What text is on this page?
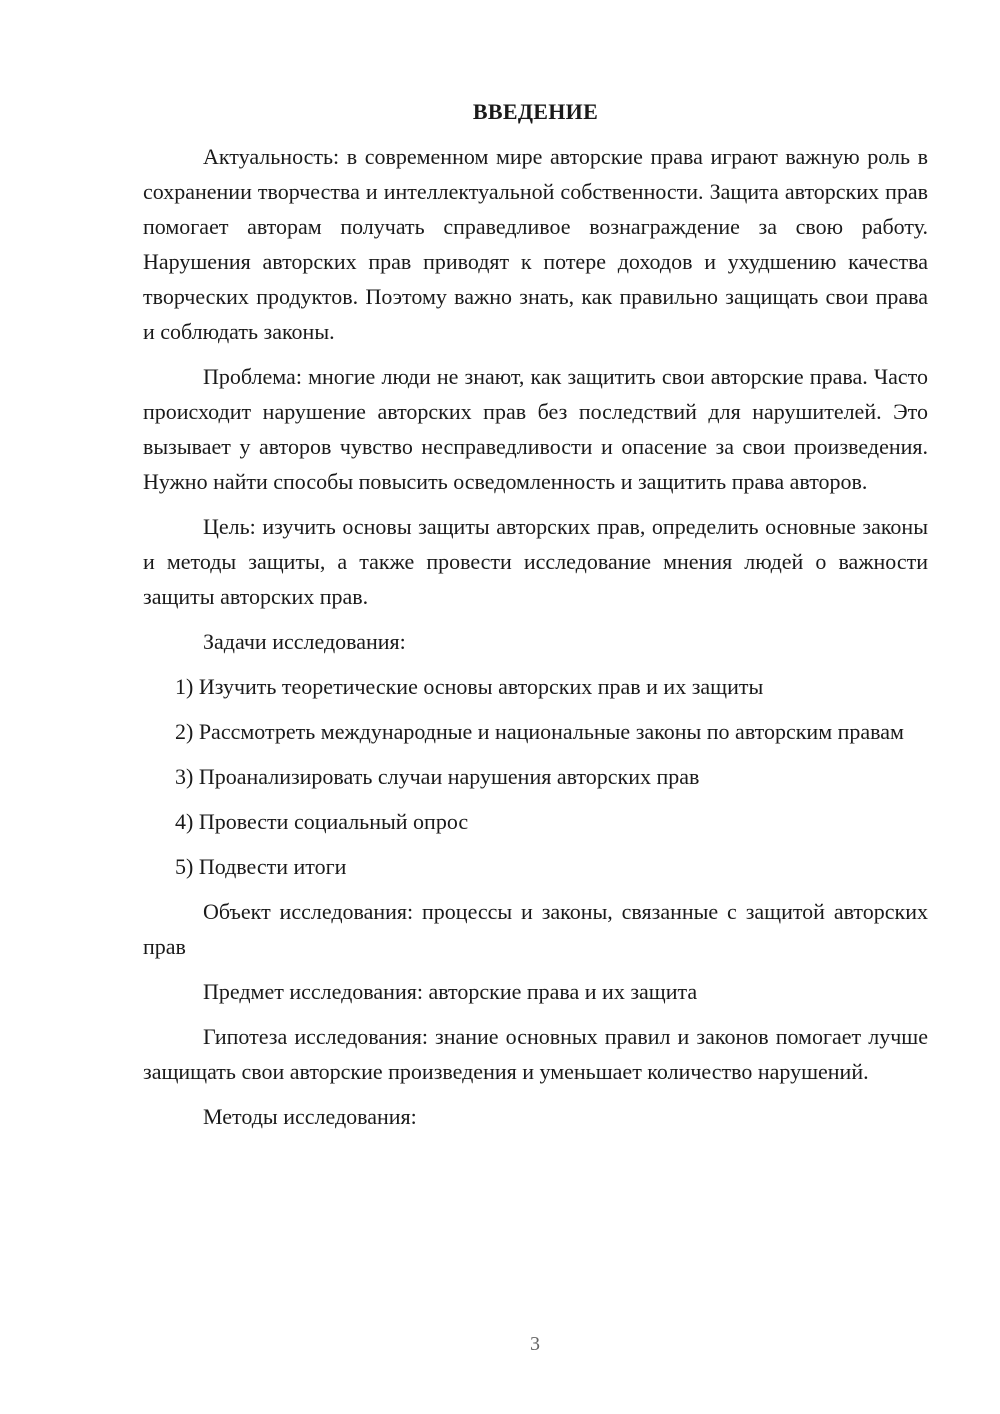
ВВЕДЕНИЕ

Актуальность: в современном мире авторские права играют важную роль в сохранении творчества и интеллектуальной собственности. Защита авторских прав помогает авторам получать справедливое вознаграждение за свою работу. Нарушения авторских прав приводят к потере доходов и ухудшению качества творческих продуктов. Поэтому важно знать, как правильно защищать свои права и соблюдать законы.

Проблема: многие люди не знают, как защитить свои авторские права. Часто происходит нарушение авторских прав без последствий для нарушителей. Это вызывает у авторов чувство несправедливости и опасение за свои произведения. Нужно найти способы повысить осведомленность и защитить права авторов.

Цель: изучить основы защиты авторских прав, определить основные законы и методы защиты, а также провести исследование мнения людей о важности защиты авторских прав.

Задачи исследования:

1) Изучить теоретические основы авторских прав и их защиты

2) Рассмотреть международные и национальные законы по авторским правам

3) Проанализировать случаи нарушения авторских прав

4) Провести социальный опрос

5) Подвести итоги

Объект исследования: процессы и законы, связанные с защитой авторских прав

Предмет исследования: авторские права и их защита

Гипотеза исследования: знание основных правил и законов помогает лучше защищать свои авторские произведения и уменьшает количество нарушений.

Методы исследования:

3
